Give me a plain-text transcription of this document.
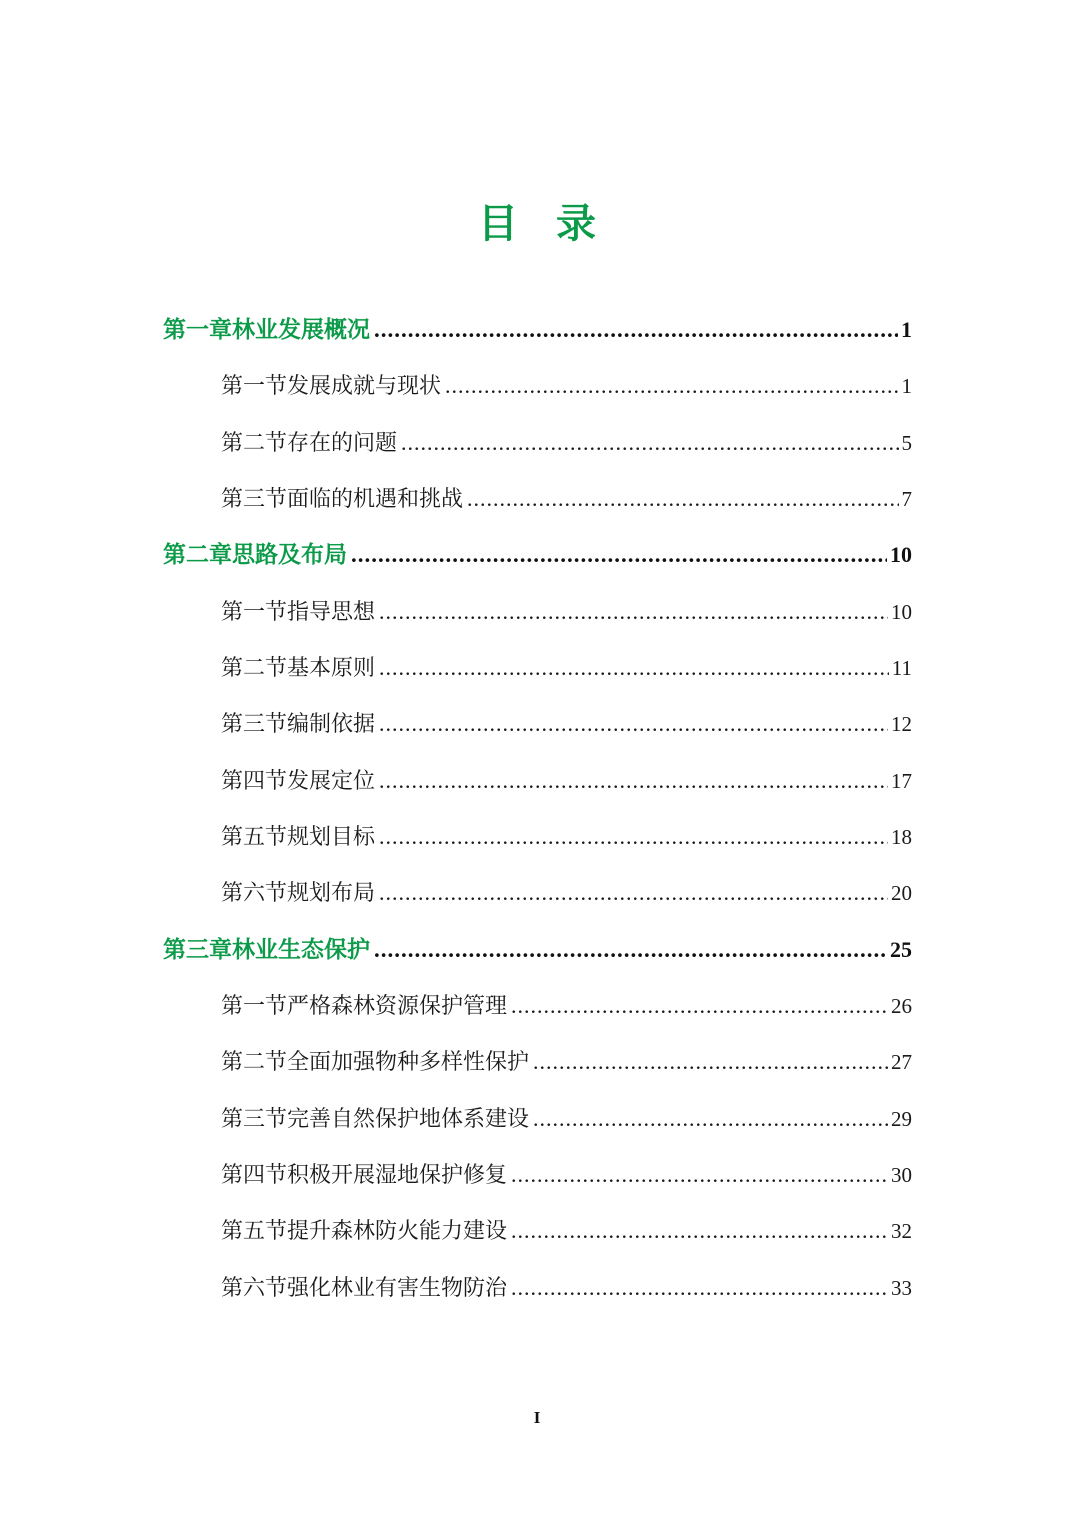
目 录
第一章 林业发展概况 .....	1
第一节 发展成就与现状 .....	1
第二节 存在的问题 .....	5
第三节 面临的机遇和挑战 .....	7
第二章 思路及布局 .....	10
第一节 指导思想 .....	10
第二节 基本原则 .....	11
第三节 编制依据 .....	12
第四节 发展定位 .....	17
第五节 规划目标 .....	18
第六节 规划布局 .....	20
第三章 林业生态保护 .....	25
第一节 严格森林资源保护管理 .....	26
第二节 全面加强物种多样性保护 .....	27
第三节 完善自然保护地体系建设 .....	29
第四节 积极开展湿地保护修复 .....	30
第五节 提升森林防火能力建设 .....	32
第六节 强化林业有害生物防治 .....	33
I
